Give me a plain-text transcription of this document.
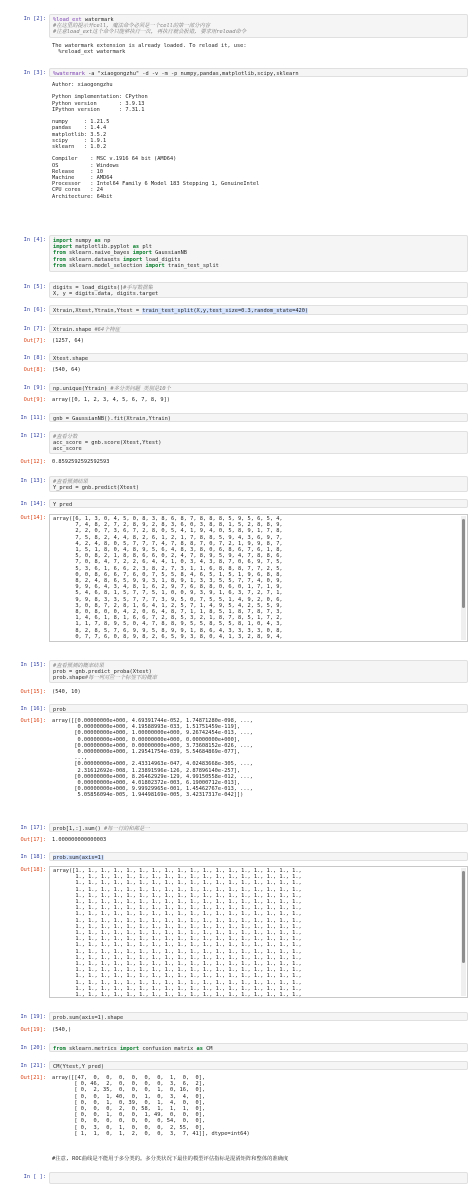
In [2]:	%load_ext watermark
#在这里的提示开cell, 魔法命令必须是一个cell的第一部分内容
#注意load_ext这个命令只能够执行一次, 再执行就会报错, 要求用reload命令
The watermark extension is already loaded. To reload it, use:
%reload_ext watermark
In [3]:	%watermark -a "xiaogongzhu" -d -v -m -p numpy,pandas,matplotlib,scipy,sklearn
Author: xiaogongzhu

Python implementation: CPython
Python version       : 3.9.13
IPython version      : 7.31.1

numpy     : 1.21.5
pandas    : 1.4.4
matplotlib: 3.5.2
scipy     : 1.9.1
sklearn   : 1.0.2

Compiler    : MSC v.1916 64 bit (AMD64)
OS          : Windows
Release     : 10
Machine     : AMD64
Processor   : Intel64 Family 6 Model 183 Stepping 1, GenuineIntel
CPU cores   : 24
Architecture: 64bit
In [4]:	import numpy as np
import matplotlib.pyplot as plt
from sklearn.naive_bayes import GaussianNB
from sklearn.datasets import load_digits
from sklearn.model_selection import train_test_split
In [5]:	digits = load_digits()#手写数据集
X, y = digits.data, digits.target
In [6]:	Xtrain,Xtest,Ytrain,Ytest = train_test_split(X,y,test_size=0.3,random_state=420)
In [7]:	Xtrain.shape #64个特征
Out[7]:	(1257, 64)
In [8]:	Xtest.shape
Out[8]:	(540, 64)
In [9]:	np.unique(Ytrain) #多分类问题 类别是10个
Out[9]:	array([0, 1, 2, 3, 4, 5, 6, 7, 8, 9])
In [11]:	gnb = GaussianNB().fit(Xtrain,Ytrain)
In [12]:	#查看分数
acc_score = gnb.score(Xtest,Ytest)
acc_score
Out[12]:	0.8592592592592593
In [13]:	#查看预测结果
Y_pred = gnb.predict(Xtest)
In [14]:	Y_pred
Out[14]:	array([6, 1, 3, 0, 4, 5, 0, 8, 3, 8, 6, 8, 7, 8, 8, 8, 5, 9, 5, 6, 5, 4,
7, 4, 8, 2, 7, 2, 8, 9, 2, 8, 3, 6, 0, 3, 8, 8, 1, 5, 2, 8, 8, 9,
2, 2, 0, 7, 3, 6, 7, 2, 8, 0, 5, 4, 1, 9, 4, 0, 5, 8, 9, 1, 7, 8,
7, 5, 8, 2, 4, 4, 8, 2, 6, 1, 2, 1, 7, 8, 8, 5, 9, 4, 3, 6, 9, 7,
4, 2, 4, 8, 0, 5, 7, 7, 7, 4, 7, 8, 8, 7, 0, 7, 2, 1, 9, 9, 8, 7,
1, 5, 1, 8, 0, 4, 8, 9, 5, 6, 4, 8, 3, 8, 0, 6, 8, 6, 7, 6, 1, 8,
5, 0, 8, 2, 1, 8, 8, 6, 6, 0, 2, 4, 7, 8, 9, 5, 9, 4, 7, 8, 8, 6,
7, 0, 8, 4, 7, 2, 2, 6, 4, 4, 1, 0, 3, 4, 3, 8, 7, 0, 6, 9, 7, 5,
5, 3, 6, 1, 6, 6, 2, 3, 8, 2, 7, 3, 1, 1, 6, 8, 8, 8, 7, 7, 2, 5,
0, 0, 8, 6, 6, 7, 6, 0, 7, 5, 5, 8, 4, 6, 5, 1, 5, 1, 9, 6, 8, 8,
8, 2, 4, 8, 6, 5, 9, 9, 3, 1, 8, 9, 1, 3, 3, 5, 5, 7, 7, 4, 0, 9,
9, 9, 6, 4, 3, 4, 8, 1, 6, 2, 9, 7, 6, 8, 8, 0, 6, 0, 1, 7, 1, 9,
5, 4, 6, 8, 1, 5, 7, 7, 5, 1, 0, 0, 9, 3, 9, 1, 6, 3, 7, 2, 7, 1,
9, 9, 8, 3, 3, 5, 7, 7, 7, 3, 9, 5, 0, 7, 5, 5, 1, 4, 9, 2, 0, 6,
3, 0, 8, 7, 2, 8, 1, 6, 4, 1, 2, 5, 7, 1, 4, 9, 5, 4, 2, 5, 5, 9,
8, 0, 8, 0, 0, 4, 2, 0, 6, 4, 8, 7, 1, 1, 8, 5, 1, 8, 7, 8, 7, 3,
1, 4, 6, 1, 8, 1, 6, 6, 7, 2, 8, 5, 3, 2, 1, 8, 7, 8, 5, 1, 7, 2,
1, 1, 7, 8, 9, 5, 0, 4, 7, 8, 8, 9, 5, 5, 8, 5, 5, 8, 1, 0, 4, 3,
8, 2, 8, 5, 7, 6, 9, 9, 5, 8, 9, 9, 1, 8, 6, 4, 3, 3, 3, 3, 0, 8,
0, 7, 7, 6, 0, 8, 9, 8, 2, 6, 5, 9, 3, 8, 0, 4, 1, 3, 2, 8, 9, 4,
In [15]:	#查看预测的概率结果
prob = gnb.predict_proba(Xtest)
prob.shape#每一列对应一个标签下的概率
Out[15]:	(540, 10)
In [16]:	prob
Out[16]:	array([[0.00000000e+000, 4.69391744e-052, 1.74871280e-098, ...,
0.00000000e+000, 4.19588993e-033, 1.51751459e-119],
[0.00000000e+000, 1.00000000e+000, 9.26742454e-013, ...,
0.00000000e+000, 0.00000000e+000, 0.00000000e+000],
[0.00000000e+000, 0.00000000e+000, 3.73608152e-026, ...,
0.00000000e+000, 1.29541754e-039, 5.54684869e-077],
...,
[0.00000000e+000, 2.43314963e-047, 4.02483668e-305, ...,
2.31612692e-008, 1.23891596e-126, 2.87896140e-257],
[0.00000000e+000, 8.26462929e-129, 4.99150558e-012, ...,
0.00000000e+000, 4.01802372e-003, 6.19000712e-013],
[0.00000000e+000, 9.99929965e-001, 1.45462767e-013, ...,
5.05856094e-005, 1.94498169e-005, 3.42317317e-042]])
In [17]:	prob[1,:].sum() #每一行的和都是一
Out[17]:	1.000000000000003
In [18]:	prob.sum(axis=1)
Out[18]:	array([1., 1., 1., 1., 1., 1., 1., 1., 1., 1., 1., 1., 1., 1., 1., 1., 1., 1.,
1., 1., 1., 1., 1., 1., 1., 1., 1., 1., 1., 1., 1., 1., 1., 1., 1., 1.,
1., 1., 1., 1., 1., 1., 1., 1., 1., 1., 1., 1., 1., 1., 1., 1., 1., 1.,
1., 1., 1., 1., 1., 1., 1., 1., 1., 1., 1., 1., 1., 1., 1., 1., 1., 1.,
1., 1., 1., 1., 1., 1., 1., 1., 1., 1., 1., 1., 1., 1., 1., 1., 1., 1.,
1., 1., 1., 1., 1., 1., 1., 1., 1., 1., 1., 1., 1., 1., 1., 1., 1., 1.,
1., 1., 1., 1., 1., 1., 1., 1., 1., 1., 1., 1., 1., 1., 1., 1., 1., 1.,
1., 1., 1., 1., 1., 1., 1., 1., 1., 1., 1., 1., 1., 1., 1., 1., 1., 1.,
1., 1., 1., 1., 1., 1., 1., 1., 1., 1., 1., 1., 1., 1., 1., 1., 1., 1.,
1., 1., 1., 1., 1., 1., 1., 1., 1., 1., 1., 1., 1., 1., 1., 1., 1., 1.,
1., 1., 1., 1., 1., 1., 1., 1., 1., 1., 1., 1., 1., 1., 1., 1., 1., 1.,
1., 1., 1., 1., 1., 1., 1., 1., 1., 1., 1., 1., 1., 1., 1., 1., 1., 1.,
1., 1., 1., 1., 1., 1., 1., 1., 1., 1., 1., 1., 1., 1., 1., 1., 1., 1.,
1., 1., 1., 1., 1., 1., 1., 1., 1., 1., 1., 1., 1., 1., 1., 1., 1., 1.,
1., 1., 1., 1., 1., 1., 1., 1., 1., 1., 1., 1., 1., 1., 1., 1., 1., 1.,
1., 1., 1., 1., 1., 1., 1., 1., 1., 1., 1., 1., 1., 1., 1., 1., 1., 1.,
1., 1., 1., 1., 1., 1., 1., 1., 1., 1., 1., 1., 1., 1., 1., 1., 1., 1.,
1., 1., 1., 1., 1., 1., 1., 1., 1., 1., 1., 1., 1., 1., 1., 1., 1., 1.,
1., 1., 1., 1., 1., 1., 1., 1., 1., 1., 1., 1., 1., 1., 1., 1., 1., 1.,
1., 1., 1., 1., 1., 1., 1., 1., 1., 1., 1., 1., 1., 1., 1., 1., 1., 1.,
1., 1., 1., 1., 1., 1., 1., 1., 1., 1., 1., 1., 1., 1., 1., 1., 1., 1.,
In [19]:	prob.sum(axis=1).shape
Out[19]:	(540,)
In [20]:	from sklearn.metrics import confusion_matrix as CM
In [21]:	CM(Ytest,Y_pred)
Out[21]:	array([[47,  0,  0,  0,  0,  0,  0,  1,  0,  0],
[ 0, 46,  2,  0,  0,  0,  0,  3,  6,  2],
[ 0,  2, 35,  0,  0,  0,  1,  0, 16,  0],
[ 0,  0,  1, 40,  0,  1,  0,  3,  4,  0],
[ 0,  0,  1,  0, 39,  0,  1,  4,  0,  0],
[ 0,  0,  0,  2,  0, 58,  1,  1,  1,  0],
[ 0,  0,  1,  0,  0,  1, 49,  0,  0,  0],
[ 0,  0,  0,  0,  0,  0,  0, 54,  0,  0],
[ 0,  3,  0,  1,  0,  0,  0,  2, 55,  0],
[ 1,  1,  0,  1,  2,  0,  0,  3,  7, 41]], dtype=int64)
#注意, ROC曲线是不能用于多分类的。多分类状况下最佳的模型评估指标是混淆矩阵和整体的准确度
In [ ]:
